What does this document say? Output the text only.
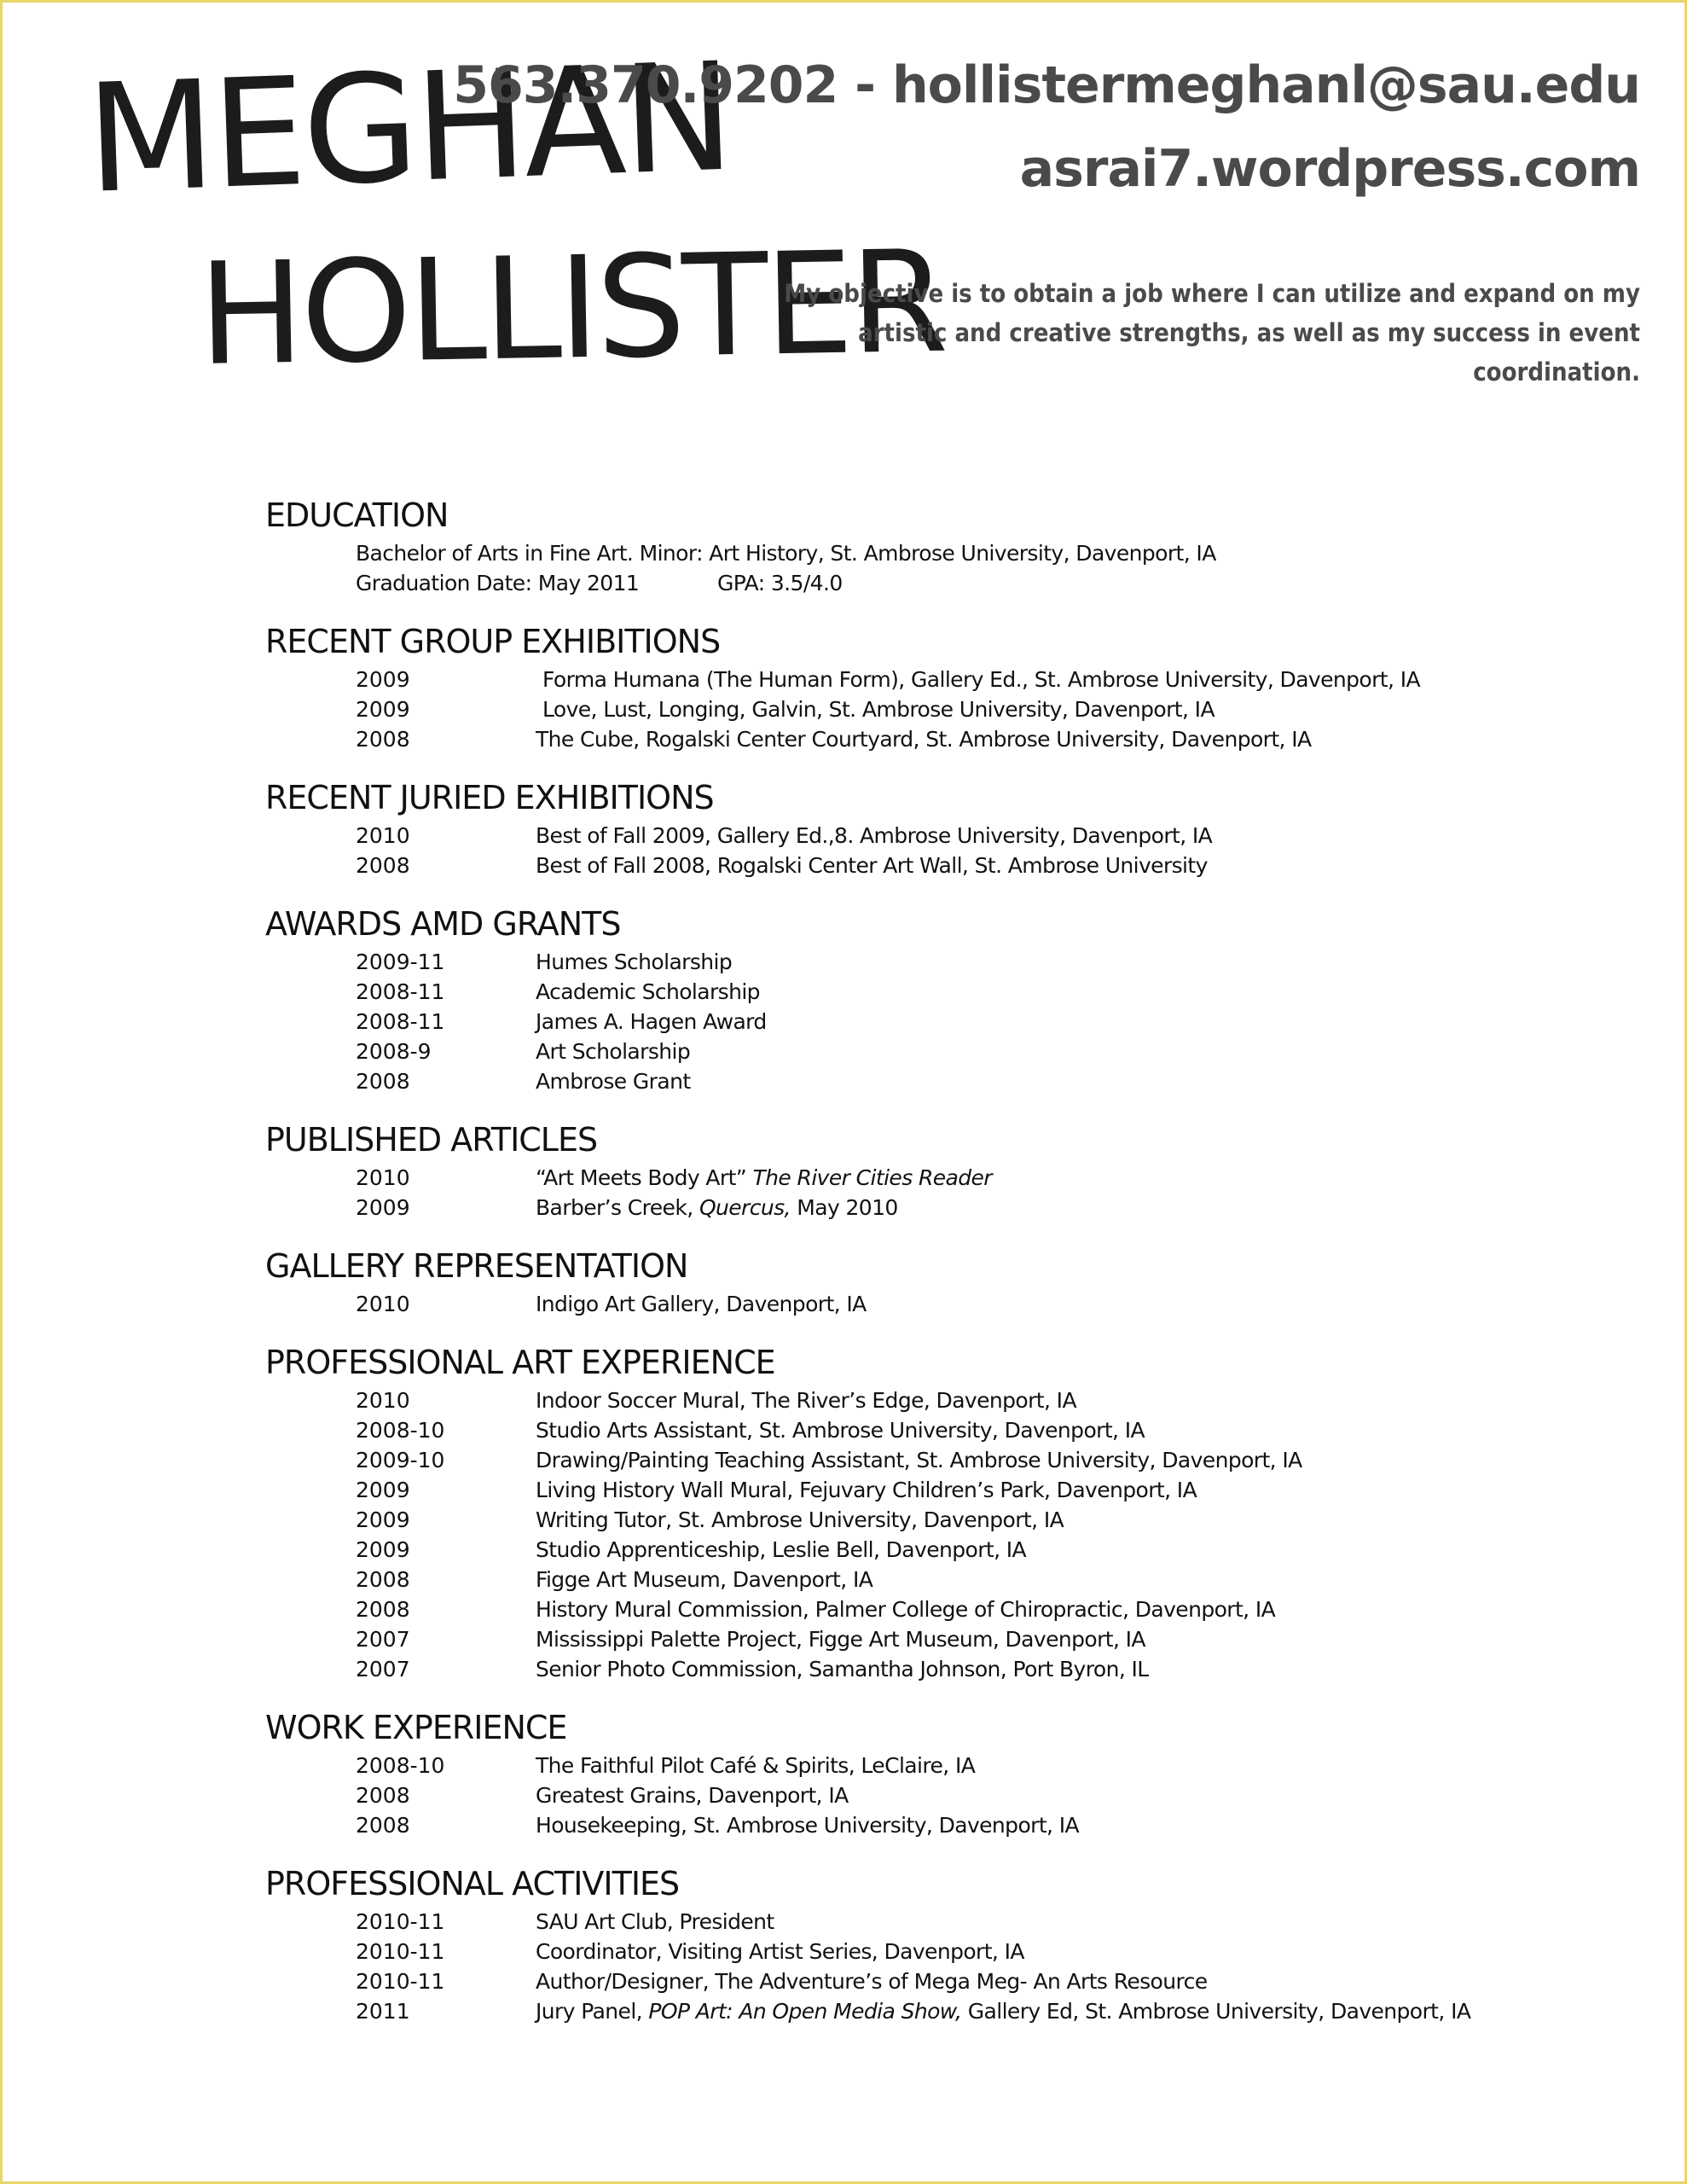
MEGHAN
HOLLISTER
563.370.9202 - hollistermeghanl@sau.edu
asrai7.wordpress.com
My objective is to obtain a job where I can utilize and expand on my artistic and creative strengths, as well as my success in event coordination.
EDUCATION
Bachelor of Arts in Fine Art. Minor: Art History, St. Ambrose University, Davenport, IA
Graduation Date: May 2011	GPA: 3.5/4.0
RECENT GROUP EXHIBITIONS
2009	Forma Humana (The Human Form), Gallery Ed., St. Ambrose University, Davenport, IA
2009	Love, Lust, Longing, Galvin, St. Ambrose University, Davenport, IA
2008	The Cube, Rogalski Center Courtyard, St. Ambrose University, Davenport, IA
RECENT JURIED EXHIBITIONS
2010	Best of Fall 2009, Gallery Ed.,8. Ambrose University, Davenport, IA
2008	Best of Fall 2008, Rogalski Center Art Wall, St. Ambrose University
AWARDS AMD GRANTS
2009-11	Humes Scholarship
2008-11	Academic Scholarship
2008-11	James A. Hagen Award
2008-9	Art Scholarship
2008	Ambrose Grant
PUBLISHED ARTICLES
2010	“Art Meets Body Art” The River Cities Reader
2009	Barber’s Creek, Quercus, May 2010
GALLERY REPRESENTATION
2010	Indigo Art Gallery, Davenport, IA
PROFESSIONAL ART EXPERIENCE
2010	Indoor Soccer Mural, The River’s Edge, Davenport, IA
2008-10	Studio Arts Assistant, St. Ambrose University, Davenport, IA
2009-10	Drawing/Painting Teaching Assistant, St. Ambrose University, Davenport, IA
2009	Living History Wall Mural, Fejuvary Children’s Park, Davenport, IA
2009	Writing Tutor, St. Ambrose University, Davenport, IA
2009	Studio Apprenticeship, Leslie Bell, Davenport, IA
2008	Figge Art Museum, Davenport, IA
2008	History Mural Commission, Palmer College of Chiropractic, Davenport, IA
2007	Mississippi Palette Project, Figge Art Museum, Davenport, IA
2007	Senior Photo Commission, Samantha Johnson, Port Byron, IL
WORK EXPERIENCE
2008-10	The Faithful Pilot Café & Spirits, LeClaire, IA
2008	Greatest Grains, Davenport, IA
2008	Housekeeping, St. Ambrose University, Davenport, IA
PROFESSIONAL ACTIVITIES
2010-11	SAU Art Club, President
2010-11	Coordinator, Visiting Artist Series, Davenport, IA
2010-11	Author/Designer, The Adventure’s of Mega Meg- An Arts Resource
2011	Jury Panel, POP Art: An Open Media Show, Gallery Ed, St. Ambrose University, Davenport, IA
